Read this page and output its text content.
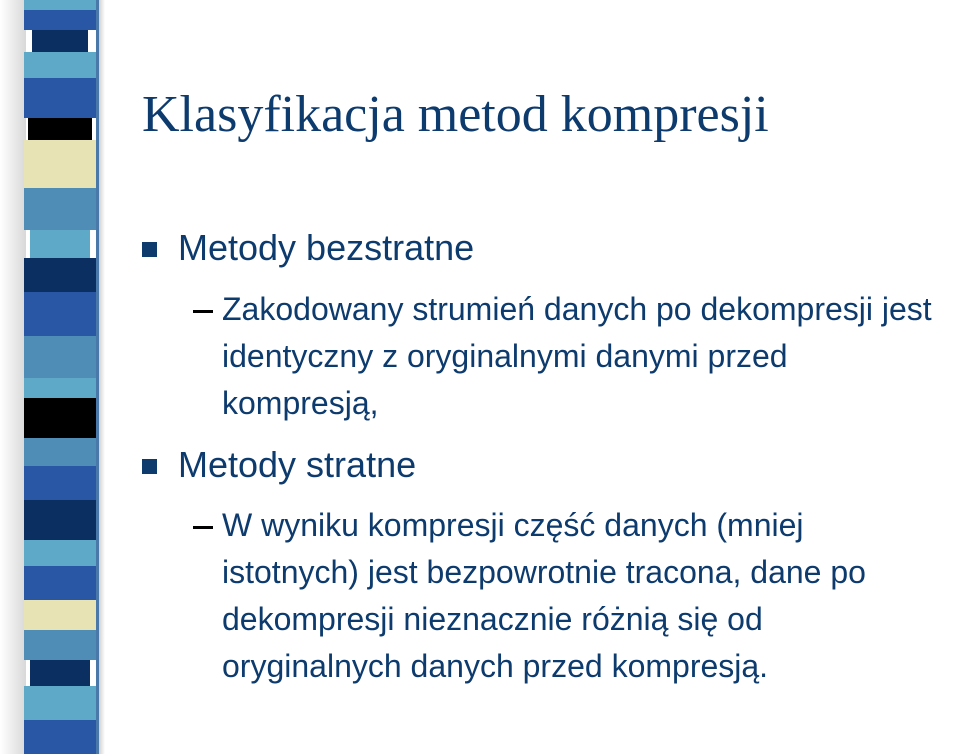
Klasyfikacja metod kompresji
Metody bezstratne

Zakodowany strumień danych po dekompresji jest identyczny z oryginalnymi danymi przed kompresją,

Metody stratne

W wyniku kompresji część danych (mniej istotnych) jest bezpowrotnie tracona, dane po dekompresji nieznacznie różnią się od oryginalnych danych przed kompresją.
